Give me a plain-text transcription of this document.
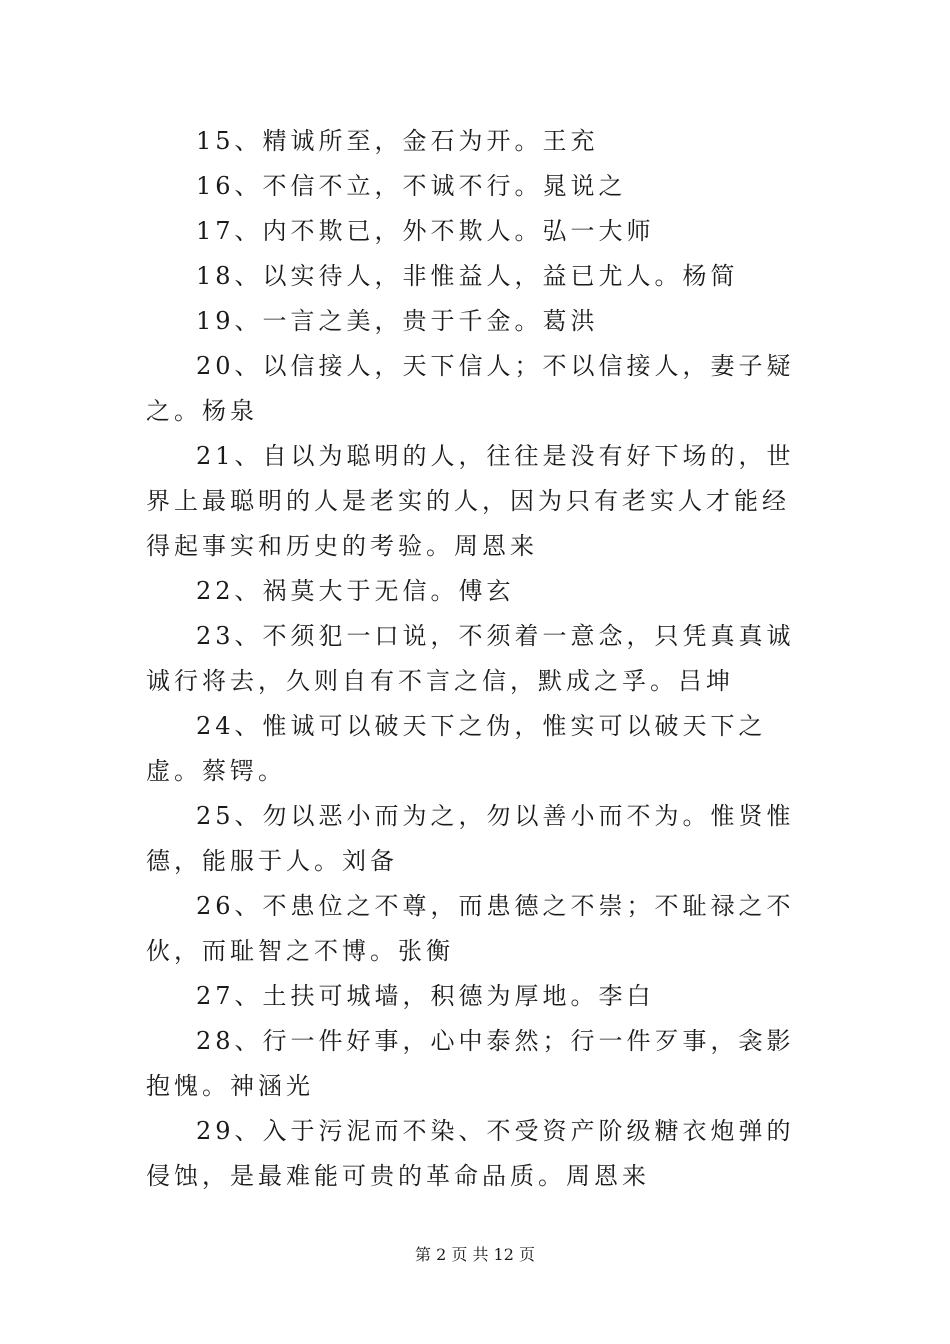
15、精诚所至，金石为开。王充

16、不信不立，不诚不行。晁说之

17、内不欺已，外不欺人。弘一大师

18、以实待人，非惟益人，益已尤人。杨简

19、一言之美，贵于千金。葛洪

20、以信接人，天下信人；不以信接人，妻子疑之。杨泉

21、自以为聪明的人，往往是没有好下场的，世界上最聪明的人是老实的人，因为只有老实人才能经得起事实和历史的考验。周恩来

22、祸莫大于无信。傅玄

23、不须犯一口说，不须着一意念，只凭真真诚诚行将去，久则自有不言之信，默成之孚。吕坤

24、惟诚可以破天下之伪，惟实可以破天下之虚。蔡锷。

25、勿以恶小而为之，勿以善小而不为。惟贤惟德，能服于人。刘备

26、不患位之不尊，而患德之不崇；不耻禄之不伙，而耻智之不博。张衡

27、土扶可城墙，积德为厚地。李白

28、行一件好事，心中泰然；行一件歹事，衾影抱愧。神涵光

29、入于污泥而不染、不受资产阶级糖衣炮弹的侵蚀，是最难能可贵的革命品质。周恩来

第 2 页 共 12 页
